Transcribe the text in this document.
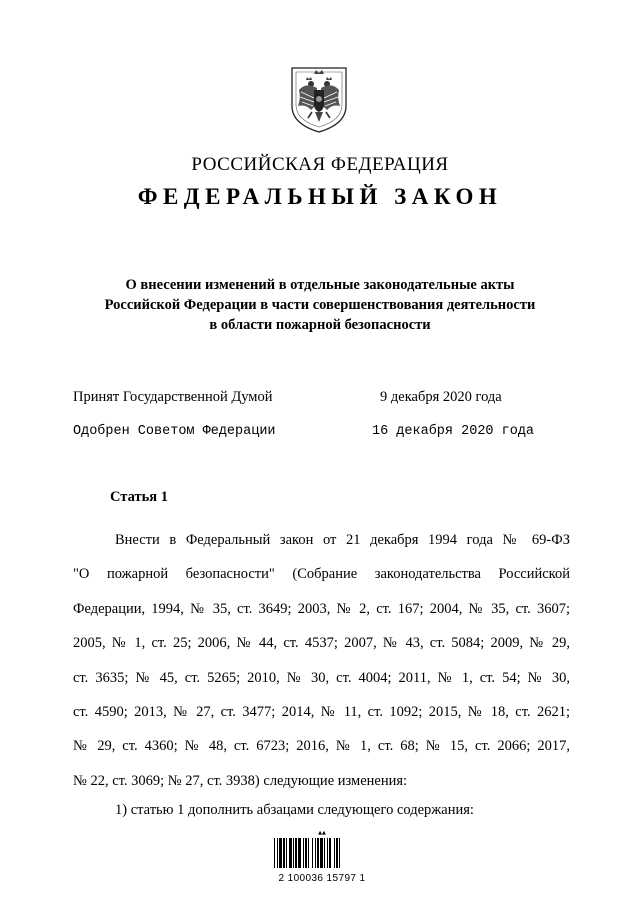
РОССИЙСКАЯ ФЕДЕРАЦИЯ
ФЕДЕРАЛЬНЫЙ ЗАКОН
О внесении изменений в отдельные законодательные акты
Российской Федерации в части совершенствования деятельности
в области пожарной безопасности
Принят Государственной Думой	9 декабря 2020 года
Одобрен Советом Федерации	16 декабря 2020 года
Статья 1
Внести в Федеральный закон от 21 декабря 1994 года № 69-ФЗ
"О пожарной безопасности" (Собрание законодательства Российской
Федерации, 1994, № 35, ст. 3649; 2003, № 2, ст. 167; 2004, № 35, ст. 3607;
2005, № 1, ст. 25; 2006, № 44, ст. 4537; 2007, № 43, ст. 5084; 2009, № 29,
ст. 3635; № 45, ст. 5265; 2010, № 30, ст. 4004; 2011, № 1, ст. 54; № 30,
ст. 4590; 2013, № 27, ст. 3477; 2014, № 11, ст. 1092; 2015, № 18, ст. 2621;
№ 29, ст. 4360; № 48, ст. 6723; 2016, № 1, ст. 68; № 15, ст. 2066; 2017,
№ 22, ст. 3069; № 27, ст. 3938) следующие изменения:
1) статью 1 дополнить абзацами следующего содержания:
▲▲
2 100036 15797 1
